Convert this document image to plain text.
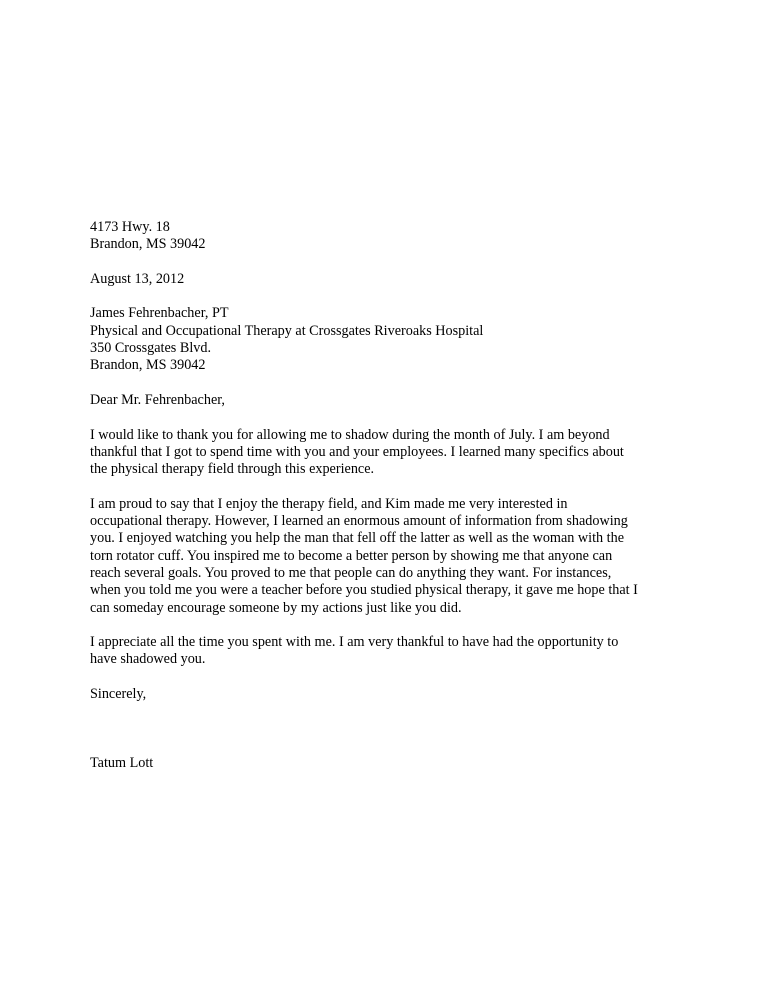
4173 Hwy. 18
Brandon, MS 39042
August 13, 2012
James Fehrenbacher, PT
Physical and Occupational Therapy at Crossgates Riveroaks Hospital
350 Crossgates Blvd.
Brandon, MS 39042
Dear Mr. Fehrenbacher,
I would like to thank you for allowing me to shadow during the month of July. I am beyond
thankful that I got to spend time with you and your employees. I learned many specifics about
the physical therapy field through this experience.
I am proud to say that I enjoy the therapy field, and Kim made me very interested in
occupational therapy. However, I learned an enormous amount of information from shadowing
you. I enjoyed watching you help the man that fell off the latter as well as the woman with the
torn rotator cuff. You inspired me to become a better person by showing me that anyone can
reach several goals. You proved to me that people can do anything they want. For instances,
when you told me you were a teacher before you studied physical therapy, it gave me hope that I
can someday encourage someone by my actions just like you did.
I appreciate all the time you spent with me. I am very thankful to have had the opportunity to
have shadowed you.
Sincerely,
Tatum Lott
